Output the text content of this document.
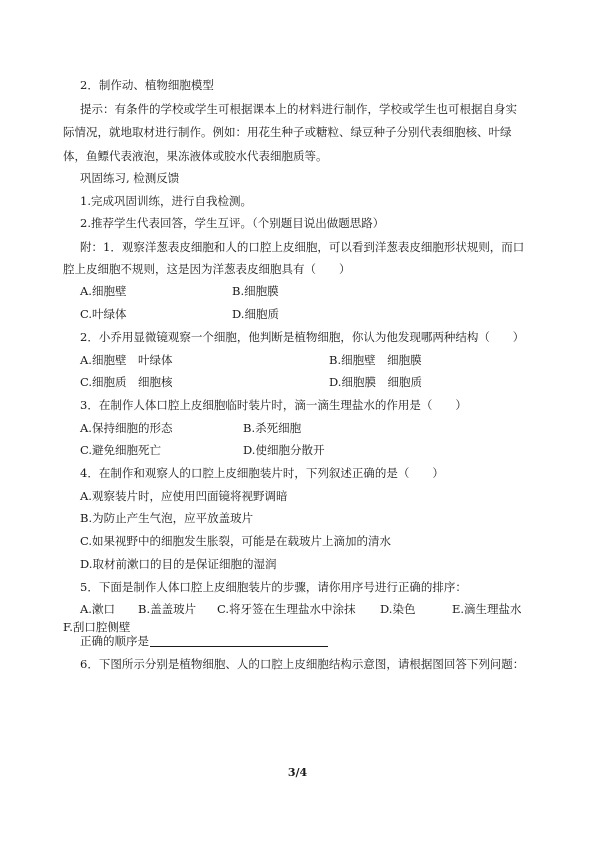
2．制作动、植物细胞模型
提示：有条件的学校或学生可根据课本上的材料进行制作，学校或学生也可根据自身实
际情况，就地取材进行制作。例如：用花生种子或糖粒、绿豆种子分别代表细胞核、叶绿
体，鱼鳔代表液泡，果冻液体或胶水代表细胞质等。
巩固练习, 检测反馈
1.完成巩固训练，进行自我检测。
2.推荐学生代表回答，学生互评。（个别题目说出做题思路）
附：1．观察洋葱表皮细胞和人的口腔上皮细胞，可以看到洋葱表皮细胞形状规则，而口
腔上皮细胞不规则，这是因为洋葱表皮细胞具有（　　）
A.细胞壁	B.细胞膜
C.叶绿体	D.细胞质
2．小乔用显微镜观察一个细胞，他判断是植物细胞，你认为他发现哪两种结构（　　）
A.细胞壁　叶绿体	B.细胞壁　细胞膜
C.细胞质　细胞核	D.细胞膜　细胞质
3．在制作人体口腔上皮细胞临时装片时，滴一滴生理盐水的作用是（　　）
A.保持细胞的形态	B.杀死细胞
C.避免细胞死亡	D.使细胞分散开
4．在制作和观察人的口腔上皮细胞装片时，下列叙述正确的是（　　）
A.观察装片时，应使用凹面镜将视野调暗
B.为防止产生气泡，应平放盖玻片
C.如果视野中的细胞发生胀裂，可能是在载玻片上滴加的清水
D.取材前漱口的目的是保证细胞的湿润
5．下面是制作人体口腔上皮细胞装片的步骤，请你用序号进行正确的排序：
A.漱口 B.盖盖玻片 C.将牙签在生理盐水中涂抹 D.染色	E.滴生理盐水
F.刮口腔侧壁
正确的顺序是
6．下图所示分别是植物细胞、人的口腔上皮细胞结构示意图，请根据图回答下列问题：
3/4
